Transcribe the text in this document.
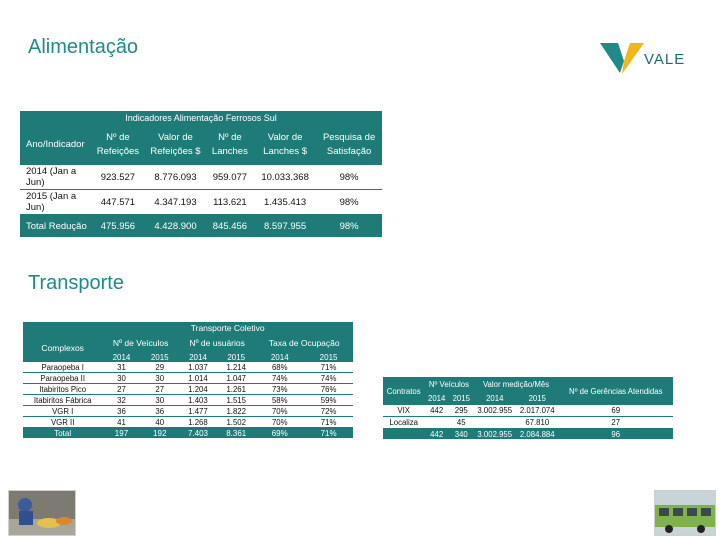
Alimentação
VALE
Indicadores Alimentação Ferrosos Sul					
Ano/Indicador	Nº de Refeições	Valor de Refeições $	Nº de Lanches	Valor de Lanches $	Pesquisa de Satisfação
2014 (Jan a Jun)	923.527	8.776.093	959.077	10.033.368	98%
2015 (Jan a Jun)	447.571	4.347.193	113.621	1.435.413	98%
Total Redução	475.956	4.428.900	845.456	8.597.955	98%
Transporte
	Transporte Coletivo					
Complexos	Nº de Veículos		Nº de usuários		Taxa de Ocupação	
	2014	2015	2014	2015	2014	2015
Paraopeba I	31	29	1.037	1.214	68%	71%
Paraopeba II	30	30	1.014	1.047	74%	74%
Itabiritos Pico	27	27	1.204	1.261	73%	76%
Itabiritos Fábrica	32	30	1.403	1.515	58%	59%
VGR I	36	36	1.477	1.822	70%	72%
VGR II	41	40	1.268	1.502	70%	71%
Total	197	192	7.403	8.361	69%	71%
Contratos	Nº Veículos		Valor medição/Mês		Nº de Gerências Atendidas
	2014	2015	2014	2015	
VIX	442	295	3.002.955	2.017.074	69
Localiza		45		67.810	27
	442	340	3.002.955	2.084.884	96
